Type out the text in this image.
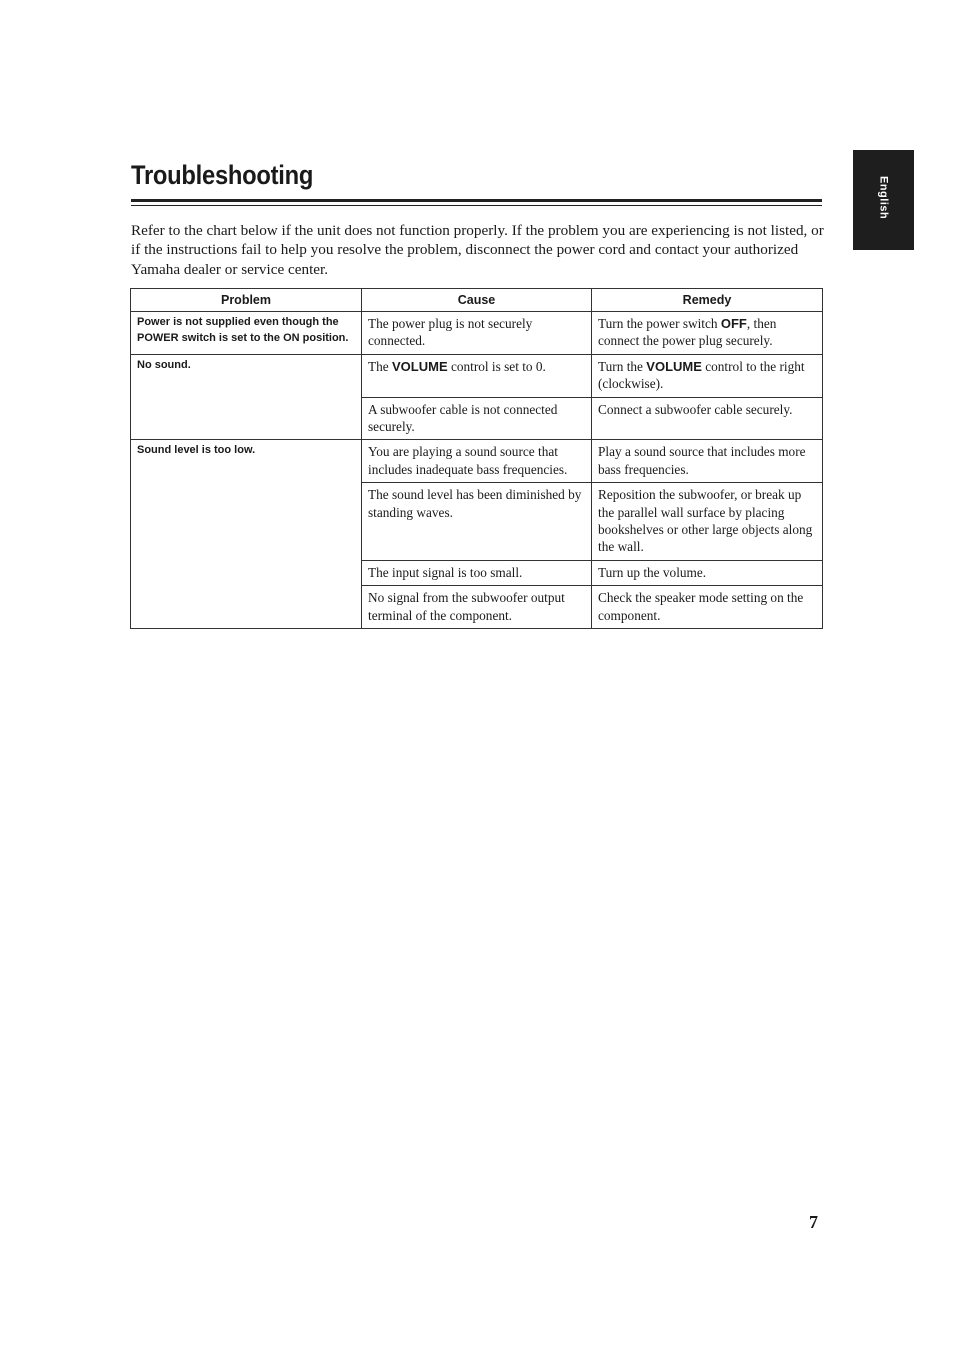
English
Troubleshooting

Refer to the chart below if the unit does not function properly. If the problem you are experiencing is not listed, or if the instructions fail to help you resolve the problem, disconnect the power cord and contact your authorized Yamaha dealer or service center.

Problem	Cause	Remedy
Power is not supplied even though the POWER switch is set to the ON position.	The power plug is not securely connected.	Turn the power switch OFF, then connect the power plug securely.
No sound.	The VOLUME control is set to 0.	Turn the VOLUME control to the right (clockwise).
	A subwoofer cable is not connected securely.	Connect a subwoofer cable securely.
Sound level is too low.	You are playing a sound source that includes inadequate bass frequencies.	Play a sound source that includes more bass frequencies.
	The sound level has been diminished by standing waves.	Reposition the subwoofer, or break up the parallel wall surface by placing bookshelves or other large objects along the wall.
	The input signal is too small.	Turn up the volume.
	No signal from the subwoofer output terminal of the component.	Check the speaker mode setting on the component.
7
